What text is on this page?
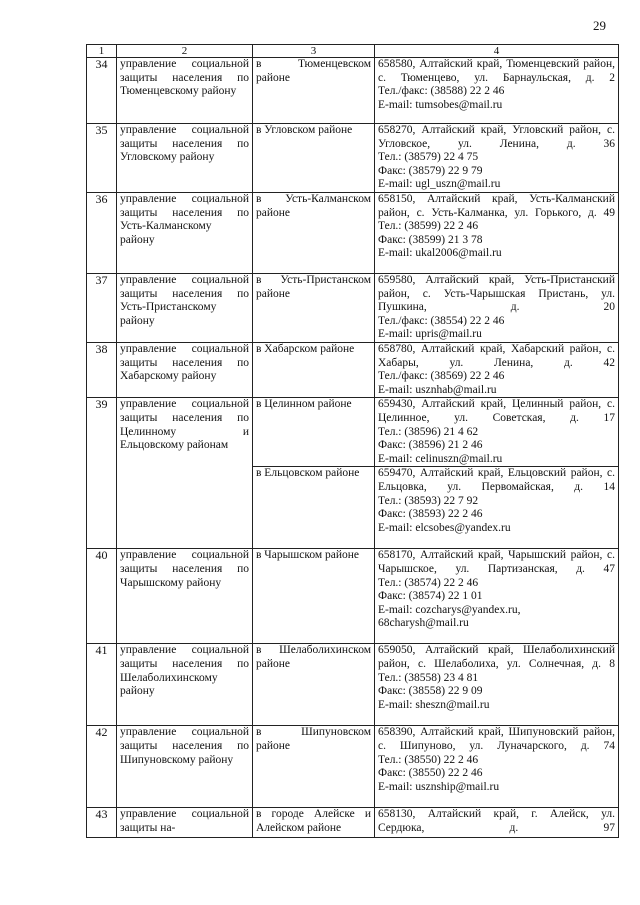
29
1	2	3	4
34	управление социальной защиты населения по Тюменцевскому району	в Тюменцевском районе	658580, Алтайский край, Тюменцевский район, с. Тюменцево, ул. Барнаульская, д. 2
Тел./факс: (38588) 22 2 46
E-mail: tumsobes@mail.ru

35	управление социальной защиты населения по Угловскому району	в Угловском районе	658270, Алтайский край, Угловский район, с. Угловское, ул. Ленина, д. 36
Тел.: (38579) 22 4 75
Факс: (38579) 22 9 79
E-mail: ugl_uszn@mail.ru

36	управление социальной защиты населения по Усть-Калманскому району	в Усть-Калманском районе	658150, Алтайский край, Усть-Калманский район, с. Усть-Калманка, ул. Горького, д. 49
Тел.: (38599) 22 2 46
Факс: (38599) 21 3 78
E-mail: ukal2006@mail.ru

37	управление социальной защиты населения по Усть-Пристанскому району	в Усть-Пристанском районе	659580, Алтайский край, Усть-Пристанский район, с. Усть-Чарышская Пристань, ул. Пушкина, д. 20
Тел./факс: (38554) 22 2 46
E-mail: upris@mail.ru

38	управление социальной защиты населения по Хабарскому району	в Хабарском районе	658780, Алтайский край, Хабарский район, с. Хабары, ул. Ленина, д. 42
Тел./факс: (38569) 22 2 46
E-mail: usznhab@mail.ru

39	управление социальной защиты населения по Целинному и Ельцовскому районам	в Целинном районе	659430, Алтайский край, Целинный район, с. Целинное, ул. Советская, д. 17
Тел.: (38596) 21 4 62
Факс: (38596) 21 2 46
E-mail: celinuszn@mail.ru

		в Ельцовском районе	659470, Алтайский край, Ельцовский район, с. Ельцовка, ул. Первомайская, д. 14
Тел.: (38593) 22 7 92
Факс: (38593) 22 2 46
E-mail: elcsobes@yandex.ru

40	управление социальной защиты населения по Чарышскому району	в Чарышском районе	658170, Алтайский край, Чарышский район, с. Чарышское, ул. Партизанская, д. 47
Тел.: (38574) 22 2 46
Факс: (38574) 22 1 01
E-mail: cozcharys@yandex.ru,
68charysh@mail.ru

41	управление социальной защиты населения по Шелаболихинскому району	в Шелаболихинском районе	659050, Алтайский край, Шелаболихинский район, с. Шелаболиха, ул. Солнечная, д. 8
Тел.: (38558) 23 4 81
Факс: (38558) 22 9 09
E-mail: sheszn@mail.ru

42	управление социальной защиты населения по Шипуновскому району	в Шипуновском районе	658390, Алтайский край, Шипуновский район, с. Шипуново, ул. Луначарского, д. 74
Тел.: (38550) 22 2 46
Факс: (38550) 22 2 46
E-mail: usznship@mail.ru

43	управление социальной защиты на-	в городе Алейске и Алейском районе	658130, Алтайский край, г. Алейск, ул. Сердюка, д. 97
